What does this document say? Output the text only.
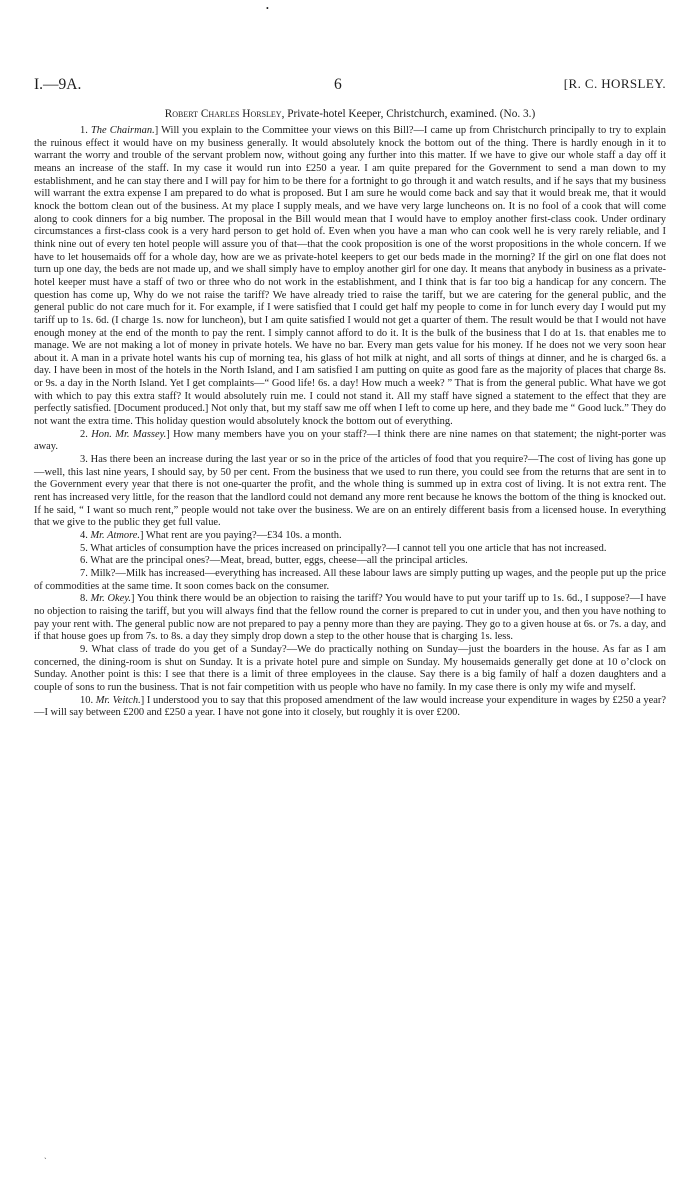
•
I.—9A.	6	[R. C. HORSLEY.
Robert Charles Horsley, Private-hotel Keeper, Christchurch, examined. (No. 3.)

1. The Chairman.] Will you explain to the Committee your views on this Bill?—I came up from Christchurch principally to try to explain the ruinous effect it would have on my business generally. It would absolutely knock the bottom out of the thing. There is hardly enough in it to warrant the worry and trouble of the servant problem now, without going any further into this matter. If we have to give our whole staff a day off it means an increase of the staff. In my case it would run into £250 a year. I am quite prepared for the Government to send a man down to my establishment, and he can stay there and I will pay for him to be there for a fortnight to go through it and watch results, and if he says that my business will warrant the extra expense I am prepared to do what is proposed. But I am sure he would come back and say that it would break me, that it would knock the bottom clean out of the business. At my place I supply meals, and we have very large luncheons on. It is no fool of a cook that will come along to cook dinners for a big number. The proposal in the Bill would mean that I would have to employ another first-class cook. Under ordinary circumstances a first-class cook is a very hard person to get hold of. Even when you have a man who can cook well he is very rarely reliable, and I think nine out of every ten hotel people will assure you of that—that the cook proposition is one of the worst propositions in the whole concern. If we have to let housemaids off for a whole day, how are we as private-hotel keepers to get our beds made in the morning? If the girl on one flat does not turn up one day, the beds are not made up, and we shall simply have to employ another girl for one day. It means that anybody in business as a private-hotel keeper must have a staff of two or three who do not work in the establishment, and I think that is far too big a handicap for any concern. The question has come up, Why do we not raise the tariff? We have already tried to raise the tariff, but we are catering for the general public, and the general public do not care much for it. For example, if I were satisfied that I could get half my people to come in for lunch every day I would put my tariff up to 1s. 6d. (I charge 1s. now for luncheon), but I am quite satisfied I would not get a quarter of them. The result would be that I would not have enough money at the end of the month to pay the rent. I simply cannot afford to do it. It is the bulk of the business that I do at 1s. that enables me to manage. We are not making a lot of money in private hotels. We have no bar. Every man gets value for his money. If he does not we very soon hear about it. A man in a private hotel wants his cup of morning tea, his glass of hot milk at night, and all sorts of things at dinner, and he is charged 6s. a day. I have been in most of the hotels in the North Island, and I am satisfied I am putting on quite as good fare as the majority of places that charge 8s. or 9s. a day in the North Island. Yet I get complaints—“ Good life! 6s. a day! How much a week? ” That is from the general public. What have we got with which to pay this extra staff? It would absolutely ruin me. I could not stand it. All my staff have signed a statement to the effect that they are perfectly satisfied. [Document produced.] Not only that, but my staff saw me off when I left to come up here, and they bade me “ Good luck.” They do not want the extra time. This holiday question would absolutely knock the bottom out of everything.

2. Hon. Mr. Massey.] How many members have you on your staff?—I think there are nine names on that statement; the night-porter was away.

3. Has there been an increase during the last year or so in the price of the articles of food that you require?—The cost of living has gone up—well, this last nine years, I should say, by 50 per cent. From the business that we used to run there, you could see from the returns that are sent in to the Government every year that there is not one-quarter the profit, and the whole thing is summed up in extra cost of living. It is not extra rent. The rent has increased very little, for the reason that the landlord could not demand any more rent because he knows the bottom of the thing is knocked out. If he said, “ I want so much rent,” people would not take over the business. We are on an entirely different basis from a licensed house. In everything that we give to the public they get full value.

4. Mr. Atmore.] What rent are you paying?—£34 10s. a month.

5. What articles of consumption have the prices increased on principally?—I cannot tell you one article that has not increased.

6. What are the principal ones?—Meat, bread, butter, eggs, cheese—all the principal articles.

7. Milk?—Milk has increased—everything has increased. All these labour laws are simply putting up wages, and the people put up the price of commodities at the same time. It soon comes back on the consumer.

8. Mr. Okey.] You think there would be an objection to raising the tariff? You would have to put your tariff up to 1s. 6d., I suppose?—I have no objection to raising the tariff, but you will always find that the fellow round the corner is prepared to cut in under you, and then you have nothing to pay your rent with. The general public now are not prepared to pay a penny more than they are paying. They go to a given house at 6s. or 7s. a day, and if that house goes up from 7s. to 8s. a day they simply drop down a step to the other house that is charging 1s. less.

9. What class of trade do you get of a Sunday?—We do practically nothing on Sunday—just the boarders in the house. As far as I am concerned, the dining-room is shut on Sunday. It is a private hotel pure and simple on Sunday. My housemaids generally get done at 10 o’clock on Sunday. Another point is this: I see that there is a limit of three employees in the clause. Say there is a big family of half a dozen daughters and a couple of sons to run the business. That is not fair competition with us people who have no family. In my case there is only my wife and myself.

10. Mr. Veitch.] I understood you to say that this proposed amendment of the law would increase your expenditure in wages by £250 a year?—I will say between £200 and £250 a year. I have not gone into it closely, but roughly it is over £200.

ˎ
